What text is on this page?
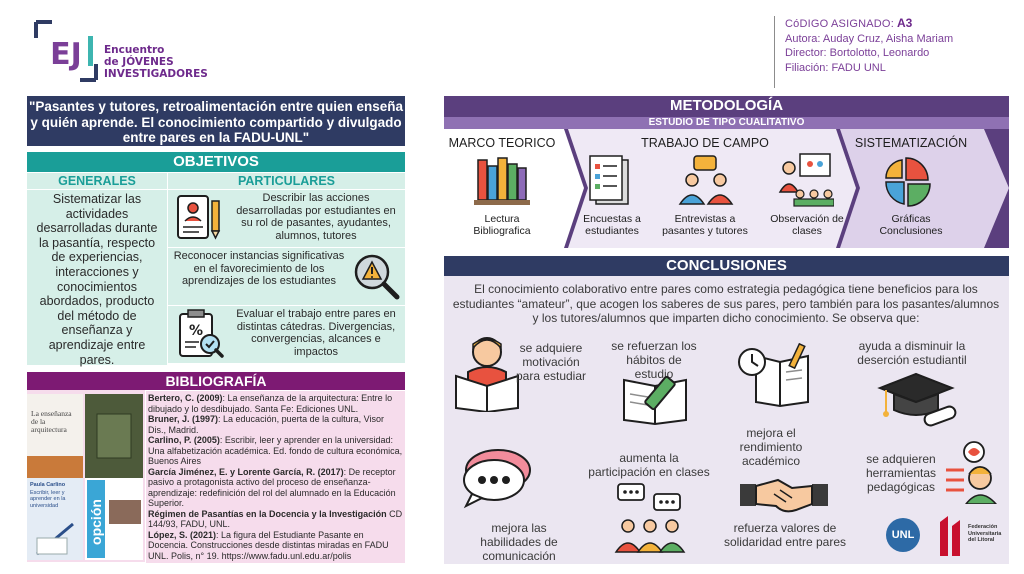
EJ Encuentro
de JÓVENES
INVESTIGADORES
CóDIGO ASIGNADO: A3
Autora: Auday Cruz, Aisha Mariam
Director: Bortolotto, Leonardo
Filiación: FADU UNL
"Pasantes y tutores, retroalimentación entre quien enseña y quién aprende. El conocimiento compartido y divulgado entre pares en la FADU-UNL"
OBJETIVOS
GENERALES	PARTICULARES
Sistematizar las actividades desarrolladas durante la pasantía, respecto de experiencias, interacciones y conocimientos abordados, producto del método de enseñanza y aprendizaje entre pares.
Describir las acciones desarrolladas por estudiantes en su rol de pasantes, ayudantes, alumnos, tutores
Reconocer instancias significativas en el favorecimiento de los aprendizajes de los estudiantes
%
Evaluar el trabajo entre pares en distintas cátedras. Divergencias, convergencias, alcances e impactos
BIBLIOGRAFÍA
La enseñanza de la arquitectura
Paula Carlino
Escribir, leer y aprender en la universidad	opción
Bertero, C. (2009): La enseñanza de la arquitectura: Entre lo dibujado y lo desdibujado. Santa Fe: Ediciones UNL.
Bruner, J. (1997): La educación, puerta de la cultura, Visor Dis., Madrid.
Carlino, P. (2005): Escribir, leer y aprender en la universidad: Una alfabetización académica. Ed. fondo de cultura económica, Buenos Aires
García Jiménez, E. y Lorente García, R. (2017): De receptor pasivo a protagonista activo del proceso de enseñanza-aprendizaje: redefinición del rol del alumnado en la Educación Superior.
Régimen de Pasantías en la Docencia y la Investigación CD 144/93, FADU, UNL.
López, S. (2021): La figura del Estudiante Pasante en Docencia. Construcciones desde distintas miradas en FADU UNL. Polis, n° 19. https://www.fadu.unl.edu.ar/polis
METODOLOGÍA
ESTUDIO DE TIPO CUALITATIVO
MARCO TEORICO	TRABAJO DE CAMPO	SISTEMATIZACIÓN
Lectura Bibliografica
Encuestas a estudiantes
Entrevistas a pasantes y tutores
Observación de clases
Gráficas Conclusiones
CONCLUSIONES
El conocimiento colaborativo entre pares como estrategia pedagógica tiene beneficios para los estudiantes “amateur”, que acogen los saberes de sus pares, pero también para los pasantes/alumnos y los tutores/alumnos que imparten dicho conocimiento. Se observa que:
se adquiere motivación para estudiar
se refuerzan los hábitos de estudio
mejora el rendimiento académico
ayuda a disminuir la deserción estudiantil
mejora las habilidades de comunicación
aumenta la participación en clases
refuerza valores de solidaridad entre pares
se adquieren herramientas pedagógicas
UNL
Federación Universitaria del Litoral
